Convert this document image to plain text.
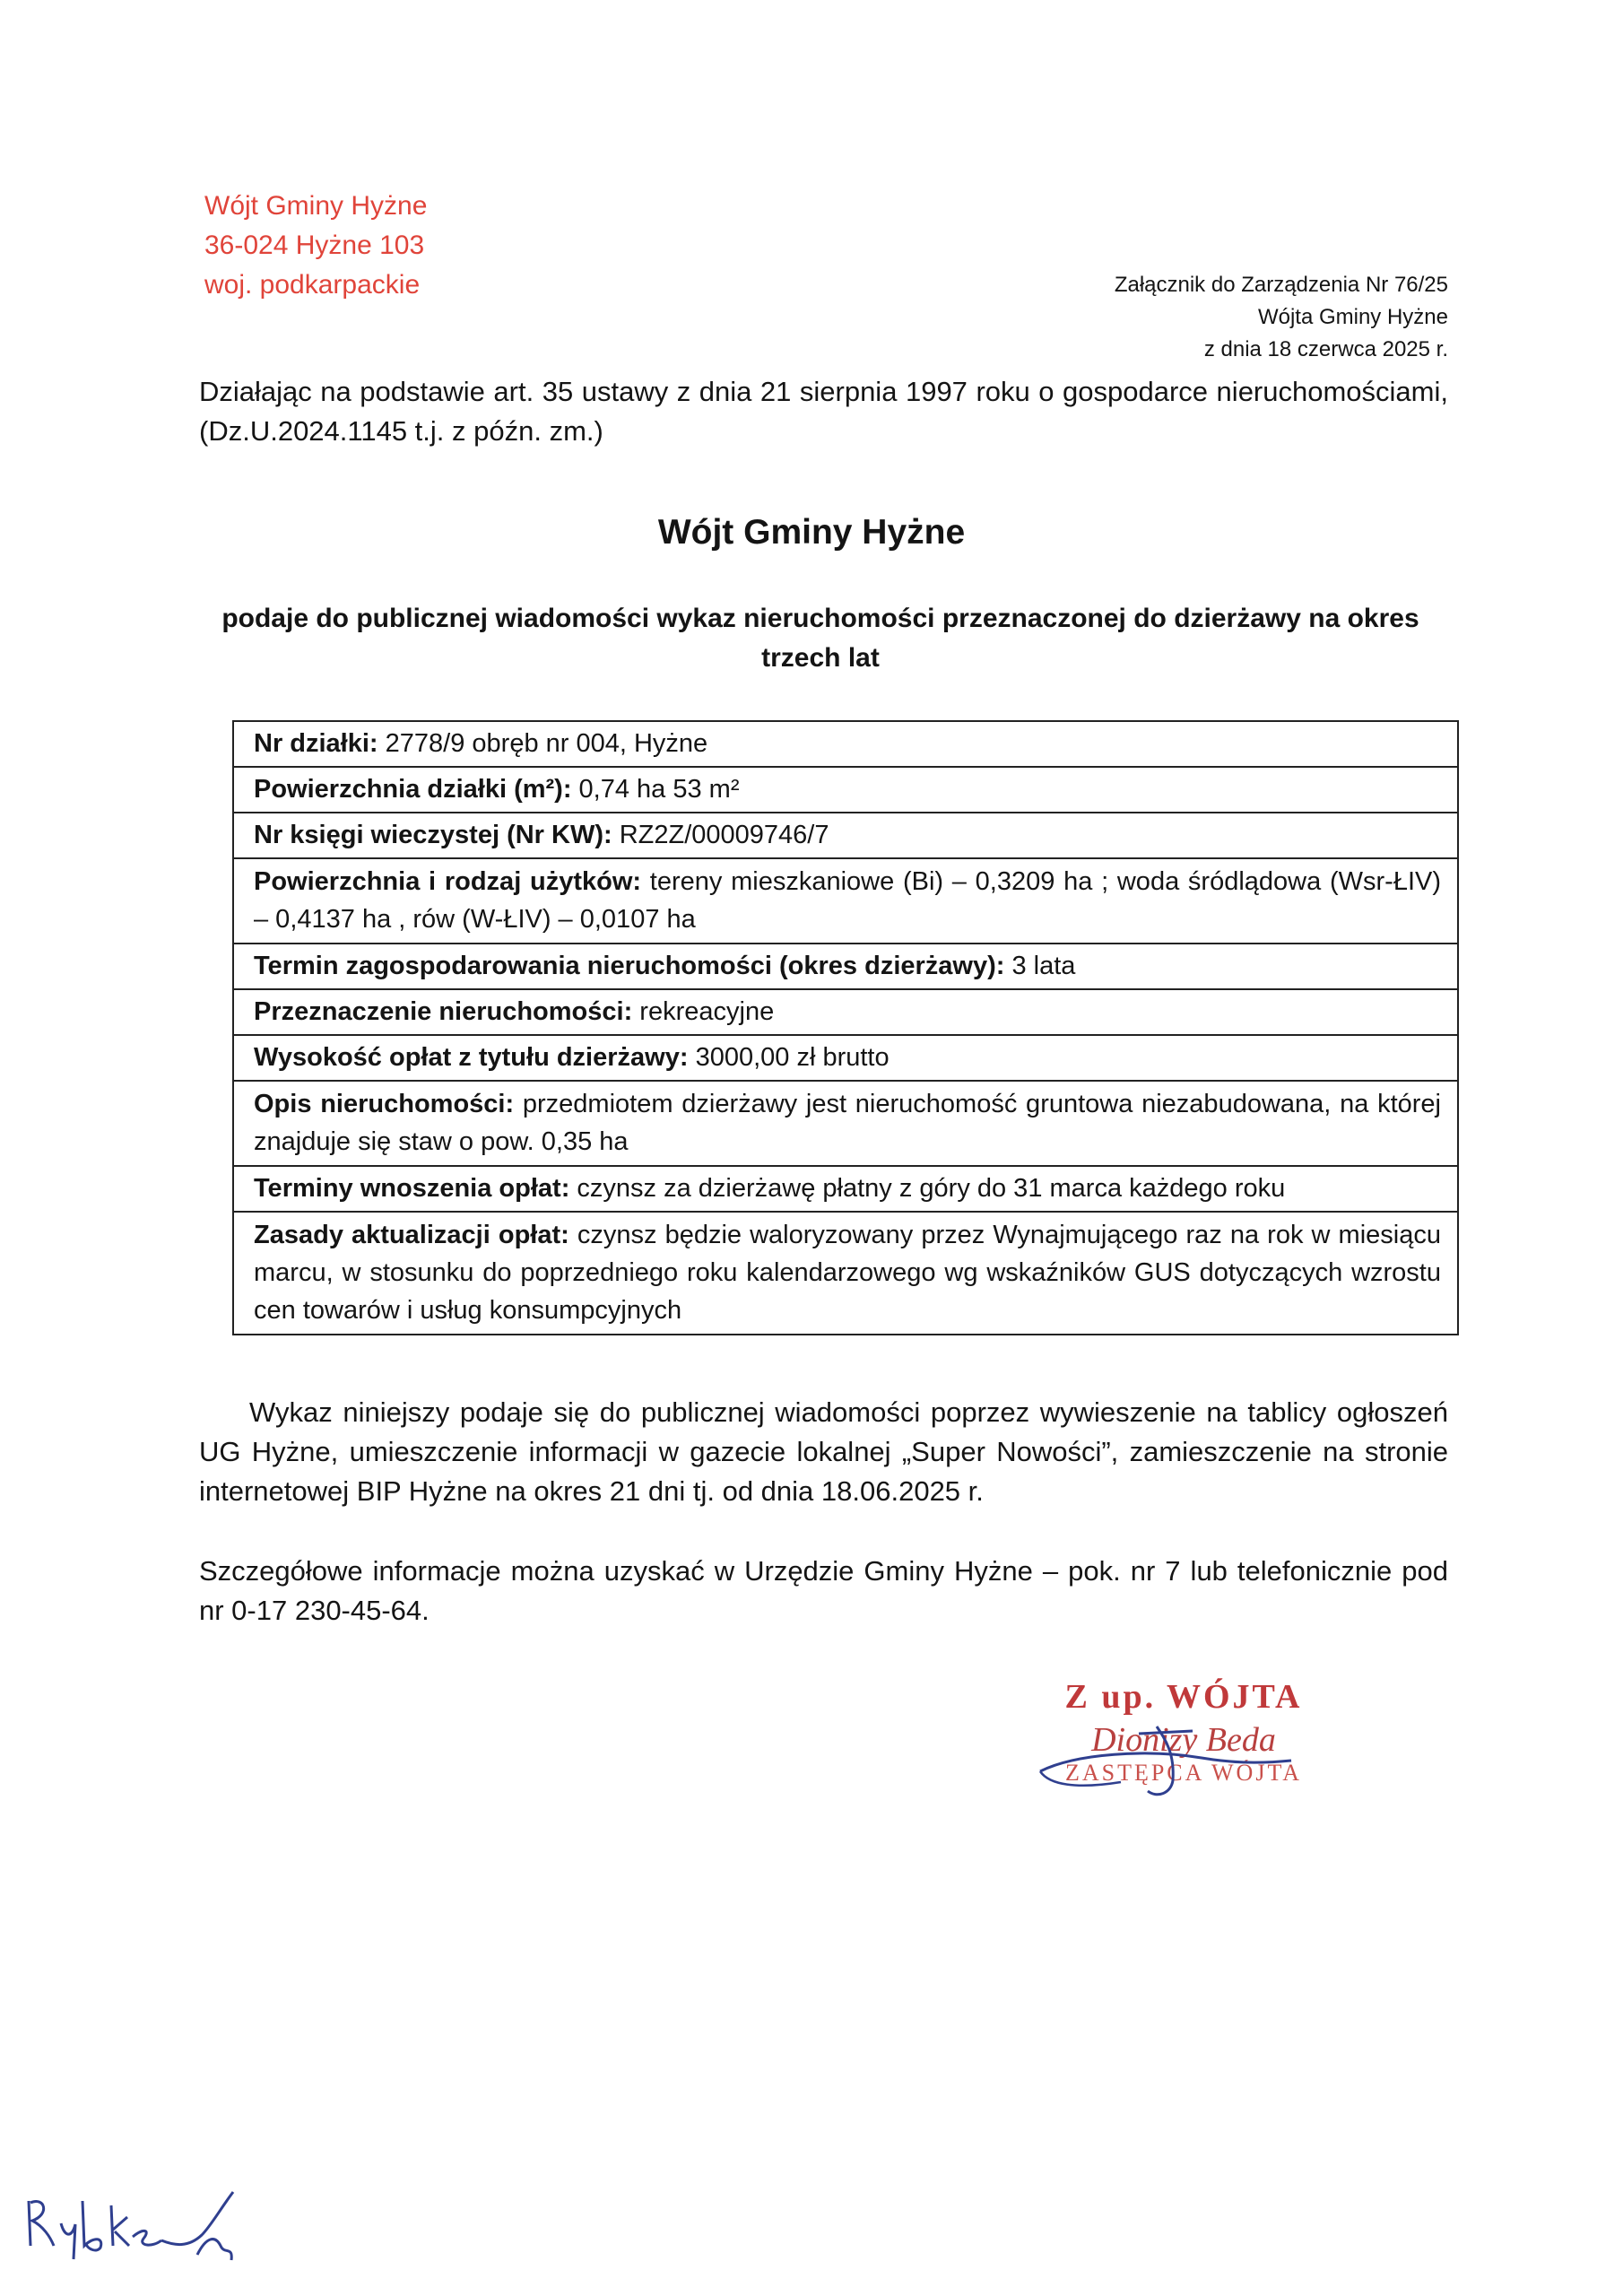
Wójt Gminy Hyżne
36-024 Hyżne 103
woj. podkarpackie	Załącznik do Zarządzenia Nr 76/25
Wójta Gminy Hyżne
z dnia 18 czerwca 2025 r.
Działając na podstawie art. 35 ustawy z dnia 21 sierpnia 1997 roku o gospodarce nieruchomościami, (Dz.U.2024.1145 t.j. z późn. zm.)
Wójt Gminy Hyżne
podaje do publicznej wiadomości wykaz nieruchomości przeznaczonej do dzierżawy na okres trzech lat
Nr działki: 2778/9 obręb nr 004, Hyżne
Powierzchnia działki (m²): 0,74 ha 53 m²
Nr księgi wieczystej (Nr KW): RZ2Z/00009746/7
Powierzchnia i rodzaj użytków: tereny mieszkaniowe (Bi) – 0,3209 ha ; woda śródlądowa (Wsr-ŁIV) – 0,4137 ha , rów (W-ŁIV) – 0,0107 ha
Termin zagospodarowania nieruchomości (okres dzierżawy): 3 lata
Przeznaczenie nieruchomości: rekreacyjne
Wysokość opłat z tytułu dzierżawy: 3000,00 zł brutto
Opis nieruchomości: przedmiotem dzierżawy jest nieruchomość gruntowa niezabudowana, na której znajduje się staw o pow. 0,35 ha
Terminy wnoszenia opłat: czynsz za dzierżawę płatny z góry do 31 marca każdego roku
Zasady aktualizacji opłat: czynsz będzie waloryzowany przez Wynajmującego raz na rok w miesiącu marcu, w stosunku do poprzedniego roku kalendarzowego wg wskaźników GUS dotyczących wzrostu cen towarów i usług konsumpcyjnych
Wykaz niniejszy podaje się do publicznej wiadomości poprzez wywieszenie na tablicy ogłoszeń UG Hyżne, umieszczenie informacji w gazecie lokalnej „Super Nowości”, zamieszczenie na stronie internetowej BIP Hyżne na okres 21 dni tj. od dnia 18.06.2025 r.
Szczegółowe informacje można uzyskać w Urzędzie Gminy Hyżne – pok. nr 7 lub telefonicznie pod nr 0-17 230-45-64.
Z up. WÓJTA
Dionizy Beda
ZASTĘPCA WÓJTA
